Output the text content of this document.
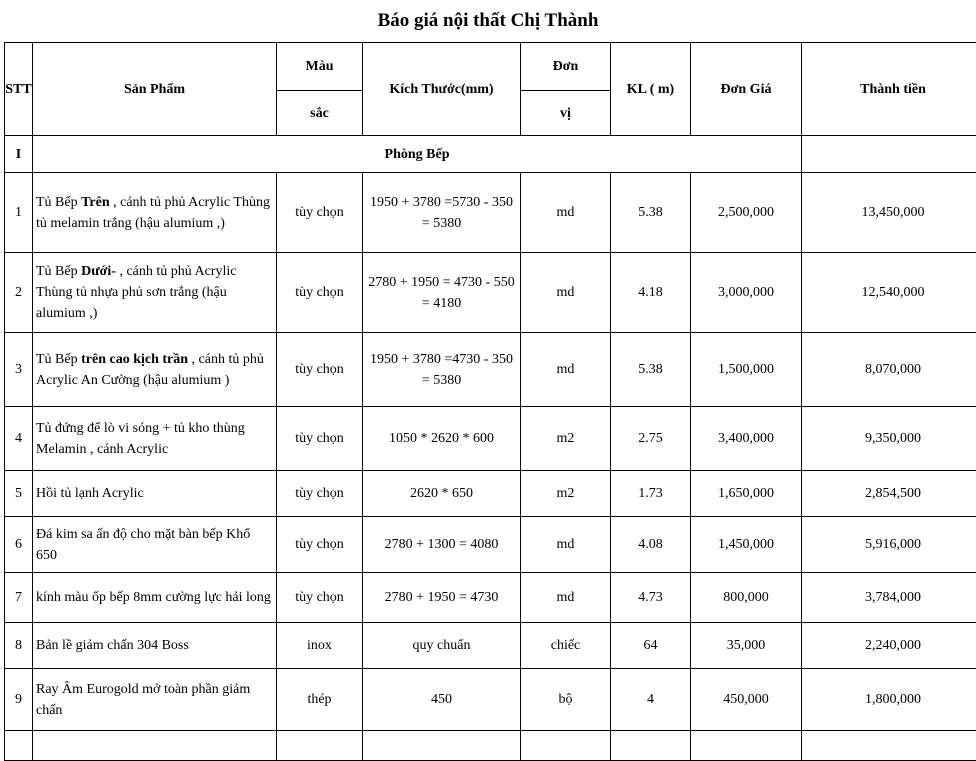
Báo giá nội thất Chị Thành
STT	Sản Phẩm	Màu	Kích Thước(mm)	Đơn	KL ( m)	Đơn Giá	Thành tiền
		sắc		vị			
I	Phòng Bếp						
1	Tủ Bếp Trên , cánh tủ phủ Acrylic Thùng tủ melamin trắng (hậu alumium ,)	tùy chọn	1950 + 3780 =5730 - 350 = 5380	md	5.38	2,500,000	13,450,000
2	Tủ Bếp Dưới- , cánh tủ phủ Acrylic Thùng tủ nhựa phủ sơn trắng (hậu alumium ,)	tùy chọn	2780 + 1950 = 4730 - 550 = 4180	md	4.18	3,000,000	12,540,000
3	Tủ Bếp trên cao kịch trần , cánh tủ phủ Acrylic An Cường (hậu alumium )	tùy chọn	1950 + 3780 =4730 - 350 = 5380	md	5.38	1,500,000	8,070,000
4	Tủ đứng để lò vi sóng + tủ kho thùng Melamin , cánh Acrylic	tùy chọn	1050 * 2620 * 600	m2	2.75	3,400,000	9,350,000
5	Hồi tủ lạnh Acrylic	tùy chọn	2620 * 650	m2	1.73	1,650,000	2,854,500
6	Đá kim sa ấn độ cho mặt bàn bếp Khổ 650	tùy chọn	2780 + 1300 = 4080	md	4.08	1,450,000	5,916,000
7	kính màu ốp bếp 8mm cường lực hải long	tùy chọn	2780 + 1950 = 4730	md	4.73	800,000	3,784,000
8	Bản lề giảm chấn 304 Boss	inox	quy chuẩn	chiếc	64	35,000	2,240,000
9	Ray Âm Eurogold mở toàn phần giảm chấn	thép	450	bộ	4	450,000	1,800,000
